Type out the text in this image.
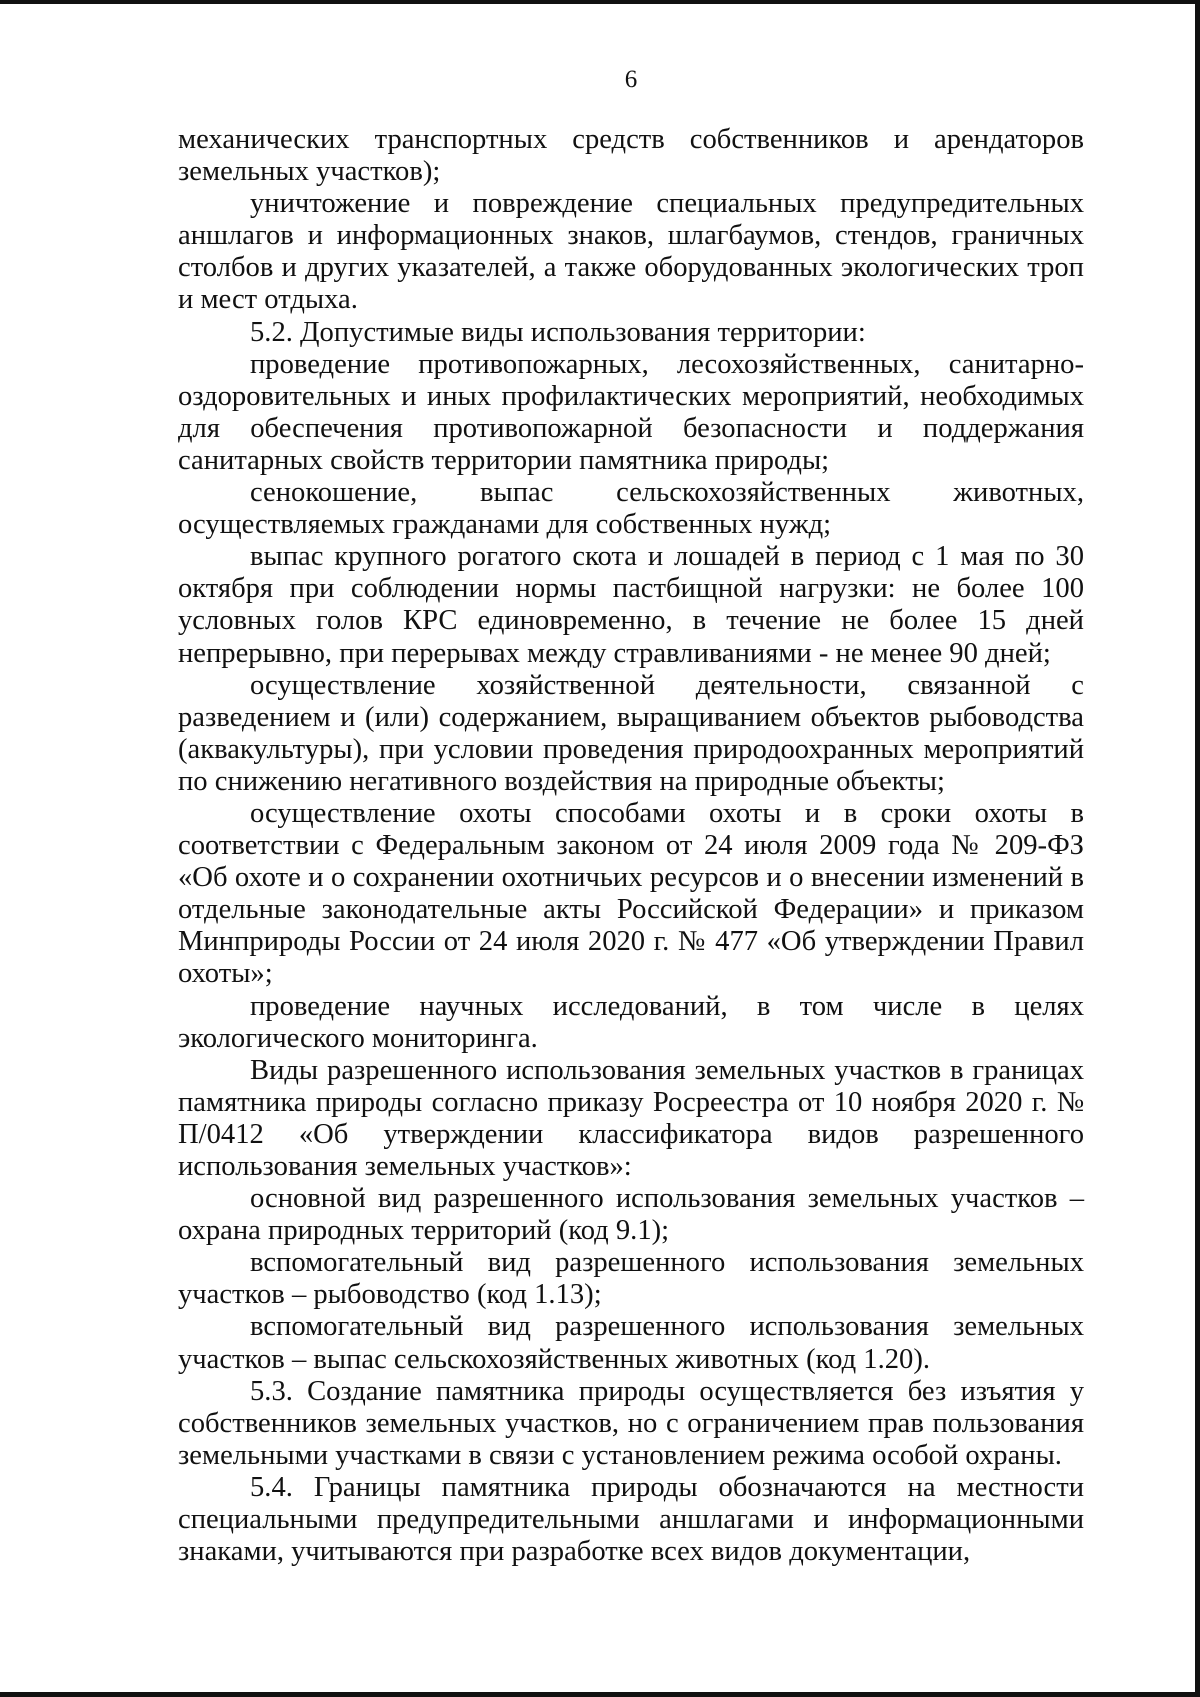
6

механических транспортных средств собственников и арендаторов земельных участков);

уничтожение и повреждение специальных предупредительных аншлагов и информационных знаков, шлагбаумов, стендов, граничных столбов и других указателей, а также оборудованных экологических троп и мест отдыха.

5.2. Допустимые виды использования территории:

проведение противопожарных, лесохозяйственных, санитарно-оздоровительных и иных профилактических мероприятий, необходимых для обеспечения противопожарной безопасности и поддержания санитарных свойств территории памятника природы;

сенокошение, выпас сельскохозяйственных животных, осуществляемых гражданами для собственных нужд;

выпас крупного рогатого скота и лошадей в период с 1 мая по 30 октября при соблюдении нормы пастбищной нагрузки: не более 100 условных голов КРС единовременно, в течение не более 15 дней непрерывно, при перерывах между стравливаниями - не менее 90 дней;

осуществление хозяйственной деятельности, связанной с разведением и (или) содержанием, выращиванием объектов рыбоводства (аквакультуры), при условии проведения природоохранных мероприятий по снижению негативного воздействия на природные объекты;

осуществление охоты способами охоты и в сроки охоты в соответствии с Федеральным законом от 24 июля 2009 года № 209-ФЗ «Об охоте и о сохранении охотничьих ресурсов и о внесении изменений в отдельные законодательные акты Российской Федерации» и приказом Минприроды России от 24 июля 2020 г. № 477 «Об утверждении Правил охоты»;

проведение научных исследований, в том числе в целях экологического мониторинга.

Виды разрешенного использования земельных участков в границах памятника природы согласно приказу Росреестра от 10 ноября 2020 г. № П/0412 «Об утверждении классификатора видов разрешенного использования земельных участков»:

основной вид разрешенного использования земельных участков – охрана природных территорий (код 9.1);

вспомогательный вид разрешенного использования земельных участков – рыбоводство (код 1.13);

вспомогательный вид разрешенного использования земельных участков – выпас сельскохозяйственных животных (код 1.20).

5.3. Создание памятника природы осуществляется без изъятия у собственников земельных участков, но с ограничением прав пользования земельными участками в связи с установлением режима особой охраны.

5.4. Границы памятника природы обозначаются на местности специальными предупредительными аншлагами и информационными знаками, учитываются при разработке всех видов документации,
